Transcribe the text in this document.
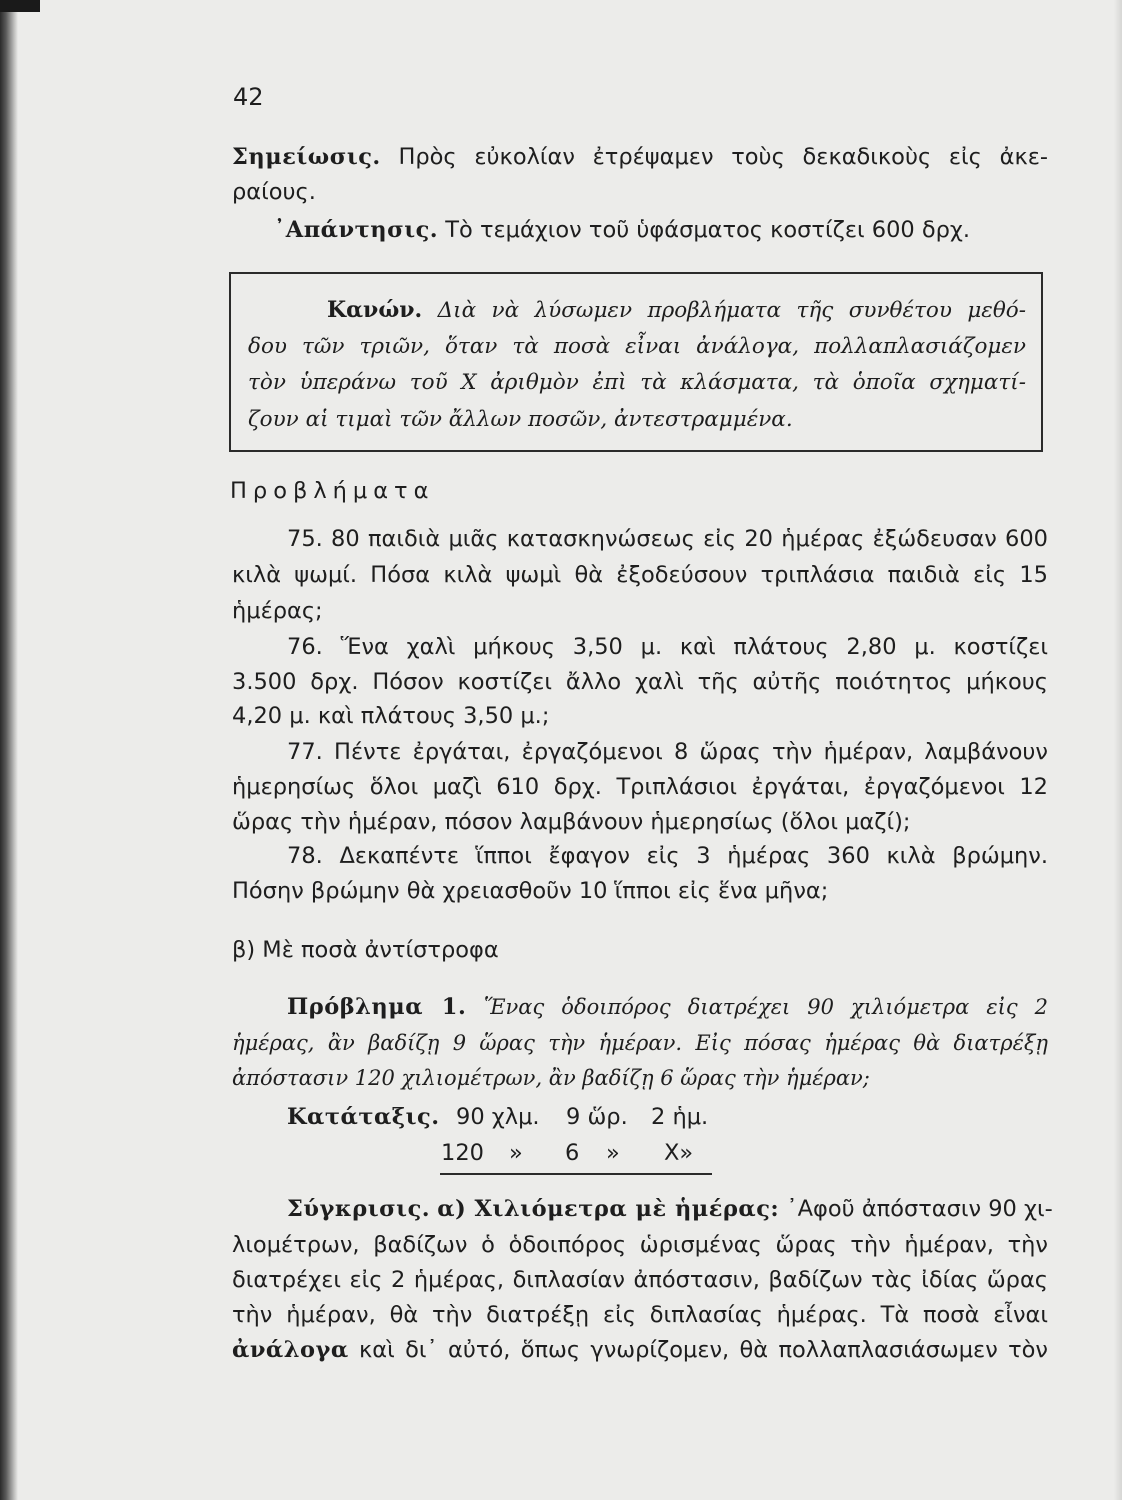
42
Σημείωσις. Πρὸς εὐκολίαν ἐτρέψαμεν τοὺς δεκαδικοὺς εἰς ἀκε-
ραίους.
᾿Απάντησις. Τὸ τεμάχιον τοῦ ὑφάσματος κοστίζει 600 δρχ.
Κανών. Διὰ νὰ λύσωμεν προβλήματα τῆς συνθέτου μεθό-
δου τῶν τριῶν, ὅταν τὰ ποσὰ εἶναι ἀνάλογα, πολλαπλασιάζομεν
τὸν ὑπεράνω τοῦ Χ ἀριθμὸν ἐπὶ τὰ κλάσματα, τὰ ὁποῖα σχηματί-
ζουν αἱ τιμαὶ τῶν ἄλλων ποσῶν, ἀντεστραμμένα.
Προβλήματα
75. 80 παιδιὰ μιᾶς κατασκηνώσεως εἰς 20 ἡμέρας ἐξώδευσαν 600
κιλὰ ψωμί. Πόσα κιλὰ ψωμὶ θὰ ἐξοδεύσουν τριπλάσια παιδιὰ εἰς 15
ἡμέρας;
76. Ἕνα χαλὶ μήκους 3,50 μ. καὶ πλάτους 2,80 μ. κοστίζει
3.500 δρχ. Πόσον κοστίζει ἄλλο χαλὶ τῆς αὐτῆς ποιότητος μήκους
4,20 μ. καὶ πλάτους 3,50 μ.;
77. Πέντε ἐργάται, ἐργαζόμενοι 8 ὥρας τὴν ἡμέραν, λαμβάνουν
ἡμερησίως ὅλοι μαζὶ 610 δρχ. Τριπλάσιοι ἐργάται, ἐργαζόμενοι 12
ὥρας τὴν ἡμέραν, πόσον λαμβάνουν ἡμερησίως (ὅλοι μαζί);
78. Δεκαπέντε ἵπποι ἔφαγον εἰς 3 ἡμέρας 360 κιλὰ βρώμην.
Πόσην βρώμην θὰ χρειασθοῦν 10 ἵπποι εἰς ἕνα μῆνα;
β) Μὲ ποσὰ ἀντίστροφα
Πρόβλημα 1. Ἕνας ὁδοιπόρος διατρέχει 90 χιλιόμετρα εἰς 2
ἡμέρας, ἂν βαδίζῃ 9 ὥρας τὴν ἡμέραν. Εἰς πόσας ἡμέρας θὰ διατρέξῃ
ἀπόστασιν 120 χιλιομέτρων, ἂν βαδίζῃ 6 ὥρας τὴν ἡμέραν;
Κατάταξις. 90 χλμ. 9 ὥρ. 2 ἡμ.
120 » 6 » Χ»
Σύγκρισις. α) Χιλιόμετρα μὲ ἡμέρας: ᾿Αφοῦ ἀπόστασιν 90 χι-
λιομέτρων, βαδίζων ὁ ὁδοιπόρος ὡρισμένας ὥρας τὴν ἡμέραν, τὴν
διατρέχει εἰς 2 ἡμέρας, διπλασίαν ἀπόστασιν, βαδίζων τὰς ἰδίας ὥρας
τὴν ἡμέραν, θὰ τὴν διατρέξῃ εἰς διπλασίας ἡμέρας. Τὰ ποσὰ εἶναι
ἀνάλογα καὶ δι᾿ αὐτό, ὅπως γνωρίζομεν, θὰ πολλαπλασιάσωμεν τὸν
